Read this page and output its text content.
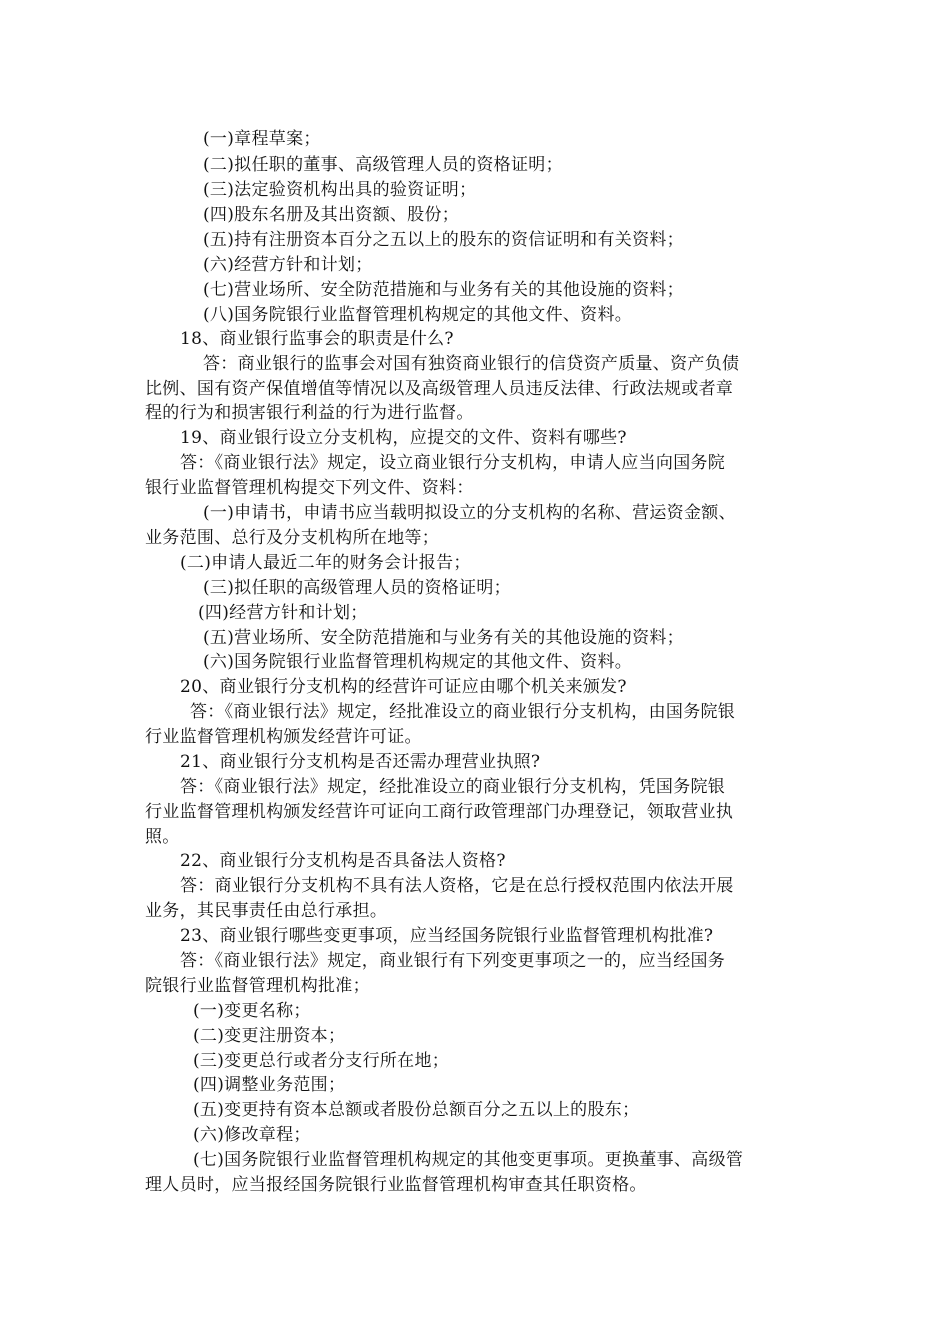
(一)章程草案；
(二)拟任职的董事、高级管理人员的资格证明；
(三)法定验资机构出具的验资证明；
(四)股东名册及其出资额、股份；
(五)持有注册资本百分之五以上的股东的资信证明和有关资料；
(六)经营方针和计划；
(七)营业场所、安全防范措施和与业务有关的其他设施的资料；
(八)国务院银行业监督管理机构规定的其他文件、资料。
18、商业银行监事会的职责是什么?
答：商业银行的监事会对国有独资商业银行的信贷资产质量、资产负债
比例、国有资产保值增值等情况以及高级管理人员违反法律、行政法规或者章
程的行为和损害银行利益的行为进行监督。
19、商业银行设立分支机构，应提交的文件、资料有哪些?
答：《商业银行法》规定，设立商业银行分支机构，申请人应当向国务院
银行业监督管理机构提交下列文件、资料：
(一)申请书，申请书应当载明拟设立的分支机构的名称、营运资金额、
业务范围、总行及分支机构所在地等；
(二)申请人最近二年的财务会计报告；
(三)拟任职的高级管理人员的资格证明；
(四)经营方针和计划；
(五)营业场所、安全防范措施和与业务有关的其他设施的资料；
(六)国务院银行业监督管理机构规定的其他文件、资料。
20、商业银行分支机构的经营许可证应由哪个机关来颁发?
答：《商业银行法》规定，经批准设立的商业银行分支机构，由国务院银
行业监督管理机构颁发经营许可证。
21、商业银行分支机构是否还需办理营业执照?
答：《商业银行法》规定，经批准设立的商业银行分支机构，凭国务院银
行业监督管理机构颁发经营许可证向工商行政管理部门办理登记，领取营业执
照。
22、商业银行分支机构是否具备法人资格?
答：商业银行分支机构不具有法人资格，它是在总行授权范围内依法开展
业务，其民事责任由总行承担。
23、商业银行哪些变更事项，应当经国务院银行业监督管理机构批准?
答：《商业银行法》规定，商业银行有下列变更事项之一的，应当经国务
院银行业监督管理机构批准；
(一)变更名称；
(二)变更注册资本；
(三)变更总行或者分支行所在地；
(四)调整业务范围；
(五)变更持有资本总额或者股份总额百分之五以上的股东；
(六)修改章程；
(七)国务院银行业监督管理机构规定的其他变更事项。更换董事、高级管
理人员时，应当报经国务院银行业监督管理机构审查其任职资格。
